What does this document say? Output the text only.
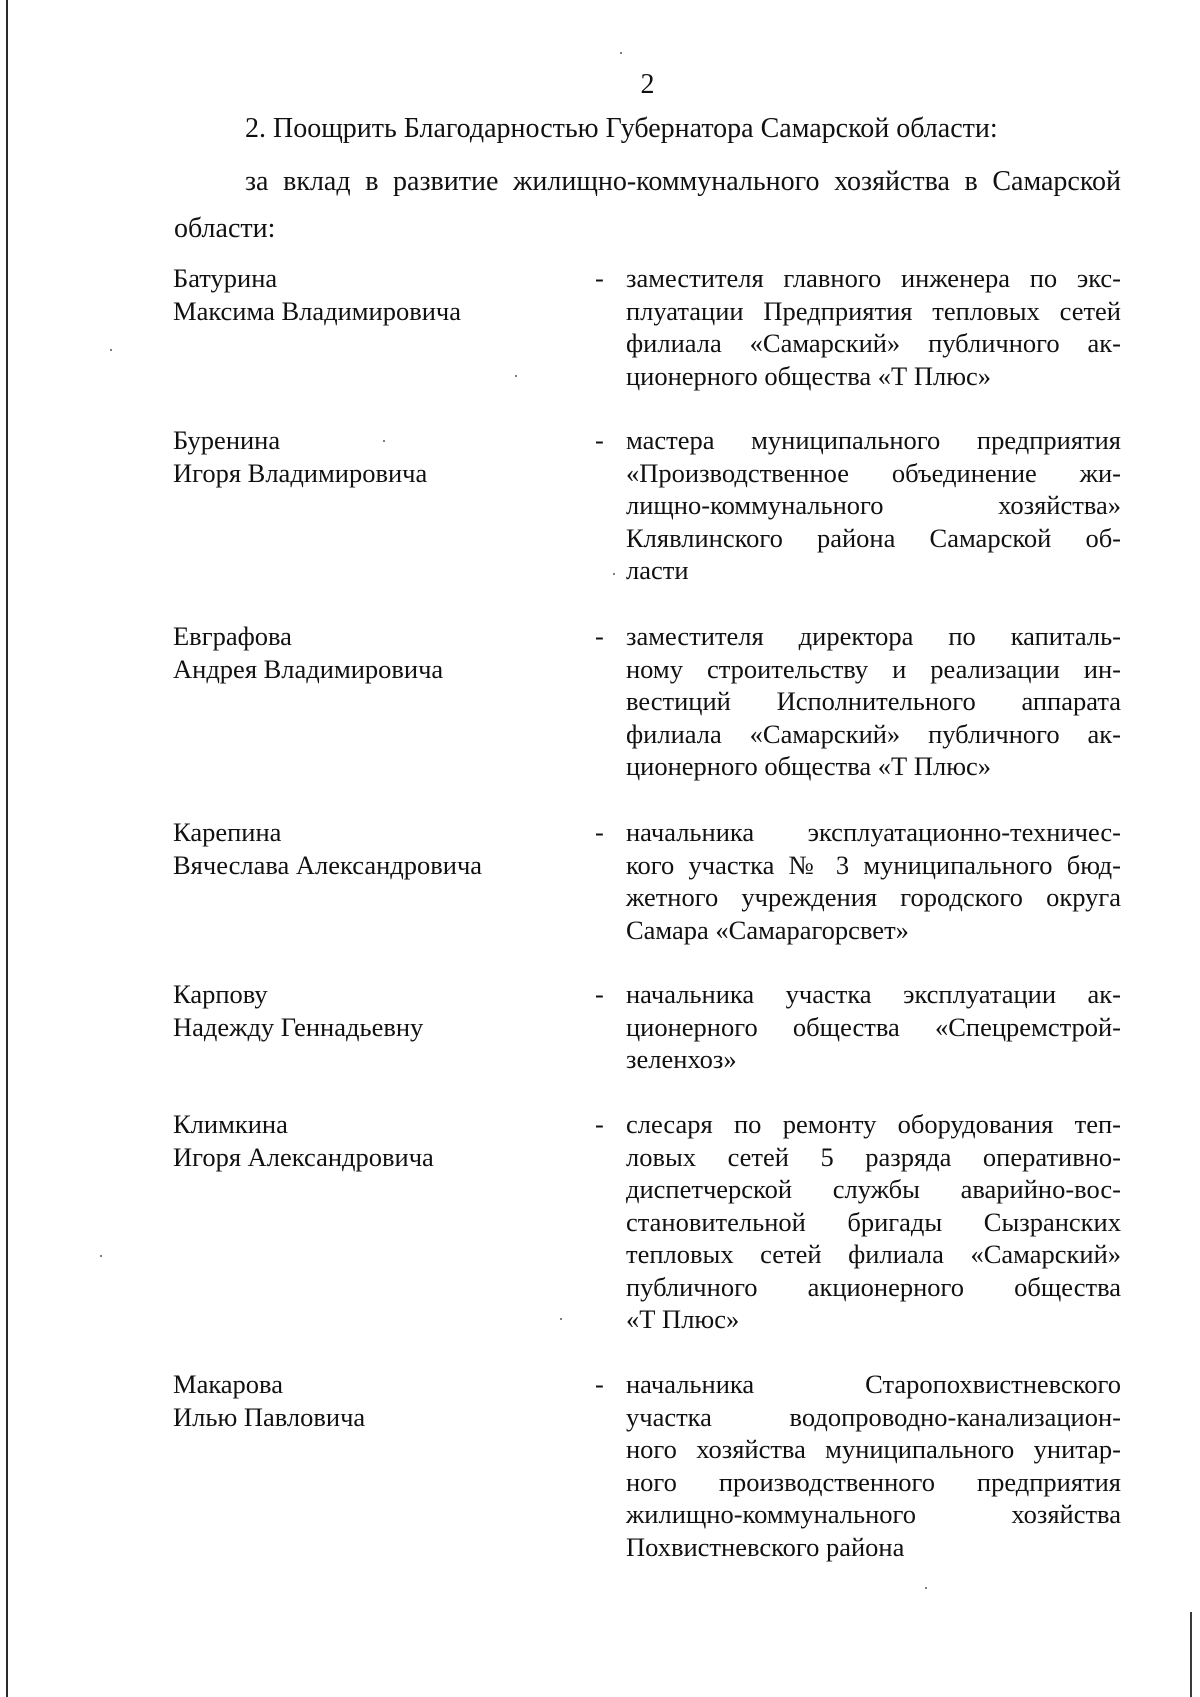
2
2. Поощрить Благодарностью Губернатора Самарской области:
за вклад в развитие жилищно-коммунального хозяйства в Самарской
области:
Батурина
Максима Владимировича
- заместителя главного инженера по экс-
плуатации Предприятия тепловых сетей
филиала «Самарский» публичного ак-
ционерного общества «Т Плюс»
Буренина
Игоря Владимировича
- мастера муниципального предприятия
«Производственное объединение жи-
лищно-коммунального хозяйства»
Клявлинского района Самарской об-
ласти
Евграфова
Андрея Владимировича
- заместителя директора по капиталь-
ному строительству и реализации ин-
вестиций Исполнительного аппарата
филиала «Самарский» публичного ак-
ционерного общества «Т Плюс»
Карепина
Вячеслава Александровича
- начальника эксплуатационно-техничес-
кого участка № 3 муниципального бюд-
жетного учреждения городского округа
Самара «Самарагорсвет»
Карпову
Надежду Геннадьевну
- начальника участка эксплуатации ак-
ционерного общества «Спецремстрой-
зеленхоз»
Климкина
Игоря Александровича
- слесаря по ремонту оборудования теп-
ловых сетей 5 разряда оперативно-
диспетчерской службы аварийно-вос-
становительной бригады Сызранских
тепловых сетей филиала «Самарский»
публичного акционерного общества
«Т Плюс»
Макарова
Илью Павловича
- начальника Старопохвистневского
участка водопроводно-канализацион-
ного хозяйства муниципального унитар-
ного производственного предприятия
жилищно-коммунального хозяйства
Похвистневского района
